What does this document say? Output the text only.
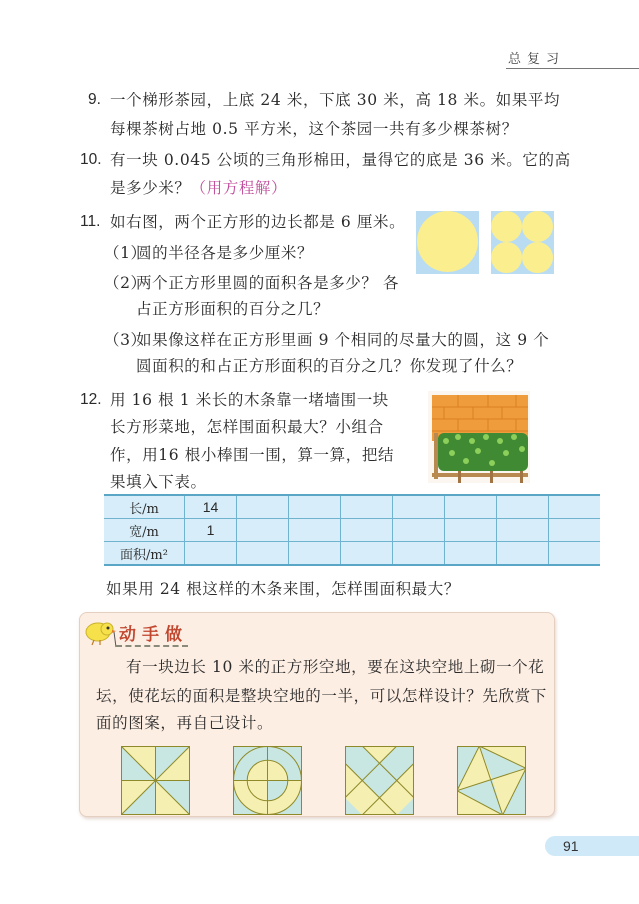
总复习
9. 一个梯形茶园，上底 24 米，下底 30 米，高 18 米。如果平均
每棵茶树占地 0.5 平方米，这个茶园一共有多少棵茶树？
10. 有一块 0.045 公顷的三角形棉田，量得它的底是 36 米。它的高
是多少米？（用方程解）
11. 如右图，两个正方形的边长都是 6 厘米。
（1）
圆的半径各是多少厘米？
（2）
两个正方形里圆的面积各是多少？ 各
占正方形面积的百分之几？
（3）
如果像这样在正方形里画 9 个相同的尽量大的圆，这 9 个
圆面积的和占正方形面积的百分之几？你发现了什么？
12. 用 16 根 1 米长的木条靠一堵墙围一块
长方形菜地，怎样围面积最大？小组合
作，用16 根小棒围一围，算一算，把结
果填入下表。
长/m	14							
宽/m	1							
面积/m²								
如果用 24 根这样的木条来围，怎样围面积最大？
动手做
有一块边长 10 米的正方形空地，要在这块空地上砌一个花
坛，使花坛的面积是整块空地的一半，可以怎样设计？先欣赏下
面的图案，再自己设计。
91
